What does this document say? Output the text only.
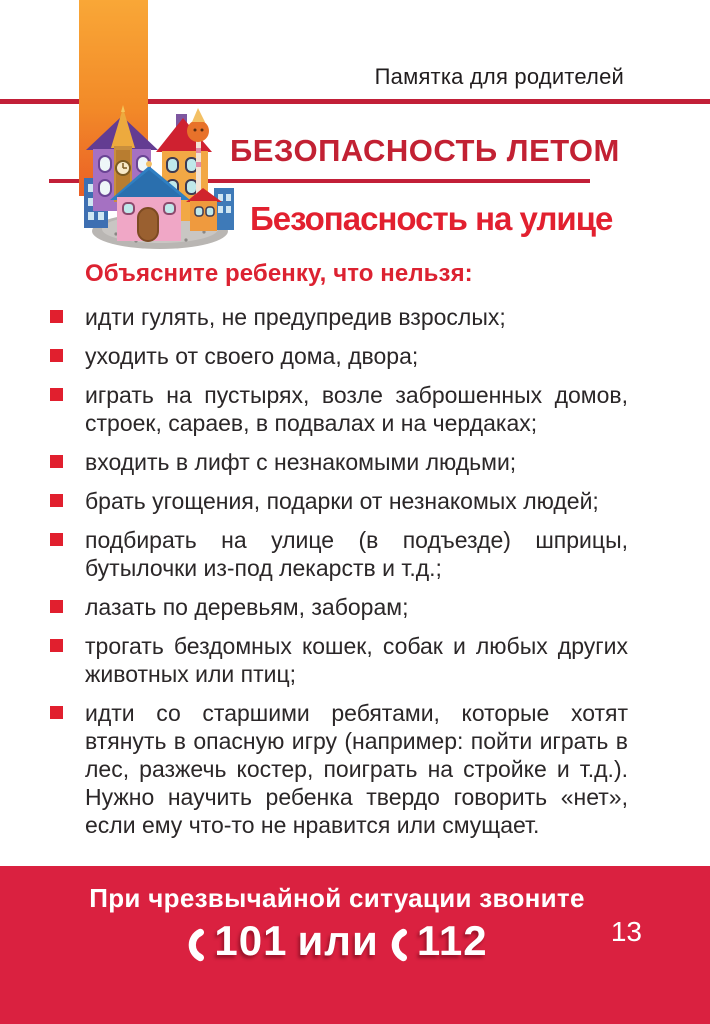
Памятка для родителей
БЕЗОПАСНОСТЬ ЛЕТОМ
Безопасность на улице

Объясните ребенку, что нельзя:

идти гулять, не предупредив взрослых;
уходить от своего дома, двора;
играть на пустырях, возле заброшенных домов, строек, сараев, в подвалах и на чердаках;
входить в лифт с незнакомыми людьми;
брать угощения, подарки от незнакомых людей;
подбирать на улице (в подъезде) шприцы, бутылочки из-под лекарств и т.д.;
лазать по деревьям, заборам;
трогать бездомных кошек, собак и любых других животных или птиц;
идти со старшими ребятами, которые хотят втянуть в опасную игру (например: пойти играть в лес, разжечь костер, поиграть на стройке и т.д.). Нужно научить ребенка твердо говорить «нет», если ему что-то не нравится или смущает.
При чрезвычайной ситуации звоните
101 или 112	13
